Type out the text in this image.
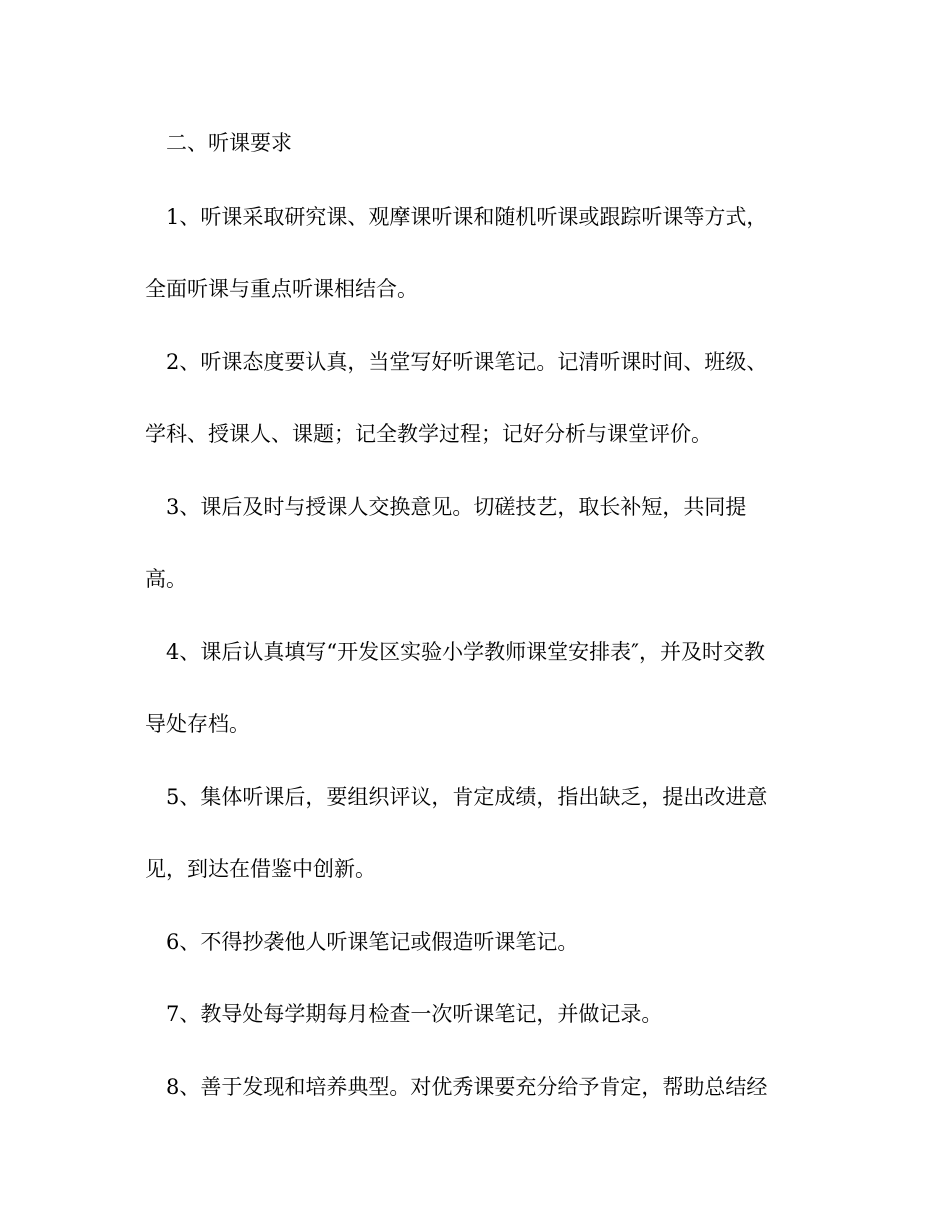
二、听课要求
1、听课采取研究课、观摩课听课和随机听课或跟踪听课等方式，
全面听课与重点听课相结合。
2、听课态度要认真，当堂写好听课笔记。记清听课时间、班级、
学科、授课人、课题；记全教学过程；记好分析与课堂评价。
3、课后及时与授课人交换意见。切磋技艺，取长补短，共同提
高。
4、课后认真填写“开发区实验小学教师课堂安排表″，并及时交教
导处存档。
5、集体听课后，要组织评议，肯定成绩，指出缺乏，提出改进意
见，到达在借鉴中创新。
6、不得抄袭他人听课笔记或假造听课笔记。
7、教导处每学期每月检查一次听课笔记，并做记录。
8、善于发现和培养典型。对优秀课要充分给予肯定，帮助总结经
